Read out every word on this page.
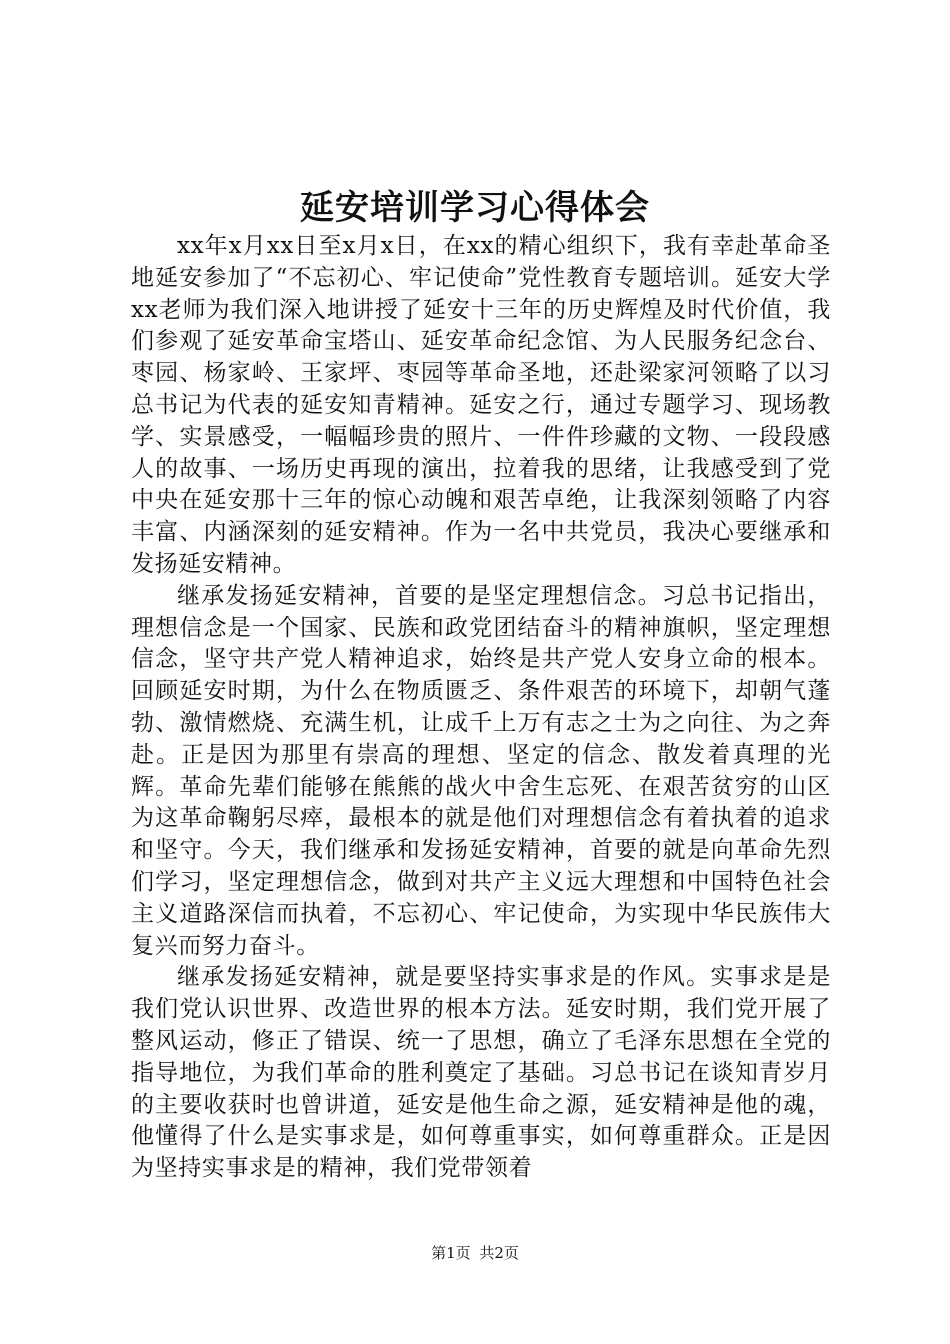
延安培训学习心得体会

xx年x月xx日至x月x日，在xx的精心组织下，我有幸赴革命圣地延安参加了“不忘初心、牢记使命”党性教育专题培训。延安大学xx老师为我们深入地讲授了延安十三年的历史辉煌及时代价值，我们参观了延安革命宝塔山、延安革命纪念馆、为人民服务纪念台、枣园、杨家岭、王家坪、枣园等革命圣地，还赴梁家河领略了以习总书记为代表的延安知青精神。延安之行，通过专题学习、现场教学、实景感受，一幅幅珍贵的照片、一件件珍藏的文物、一段段感人的故事、一场历史再现的演出，拉着我的思绪，让我感受到了党中央在延安那十三年的惊心动魄和艰苦卓绝，让我深刻领略了内容丰富、内涵深刻的延安精神。作为一名中共党员，我决心要继承和发扬延安精神。

继承发扬延安精神，首要的是坚定理想信念。习总书记指出，理想信念是一个国家、民族和政党团结奋斗的精神旗帜，坚定理想信念，坚守共产党人精神追求，始终是共产党人安身立命的根本。回顾延安时期，为什么在物质匮乏、条件艰苦的环境下，却朝气蓬勃、激情燃烧、充满生机，让成千上万有志之士为之向往、为之奔赴。正是因为那里有崇高的理想、坚定的信念、散发着真理的光辉。革命先辈们能够在熊熊的战火中舍生忘死、在艰苦贫穷的山区为这革命鞠躬尽瘁，最根本的就是他们对理想信念有着执着的追求和坚守。今天，我们继承和发扬延安精神，首要的就是向革命先烈们学习，坚定理想信念，做到对共产主义远大理想和中国特色社会主义道路深信而执着，不忘初心、牢记使命，为实现中华民族伟大复兴而努力奋斗。

继承发扬延安精神，就是要坚持实事求是的作风。实事求是是我们党认识世界、改造世界的根本方法。延安时期，我们党开展了整风运动，修正了错误、统一了思想，确立了毛泽东思想在全党的指导地位，为我们革命的胜利奠定了基础。习总书记在谈知青岁月的主要收获时也曾讲道，延安是他生命之源，延安精神是他的魂，他懂得了什么是实事求是，如何尊重事实，如何尊重群众。正是因为坚持实事求是的精神，我们党带领着

第1页 共2页
